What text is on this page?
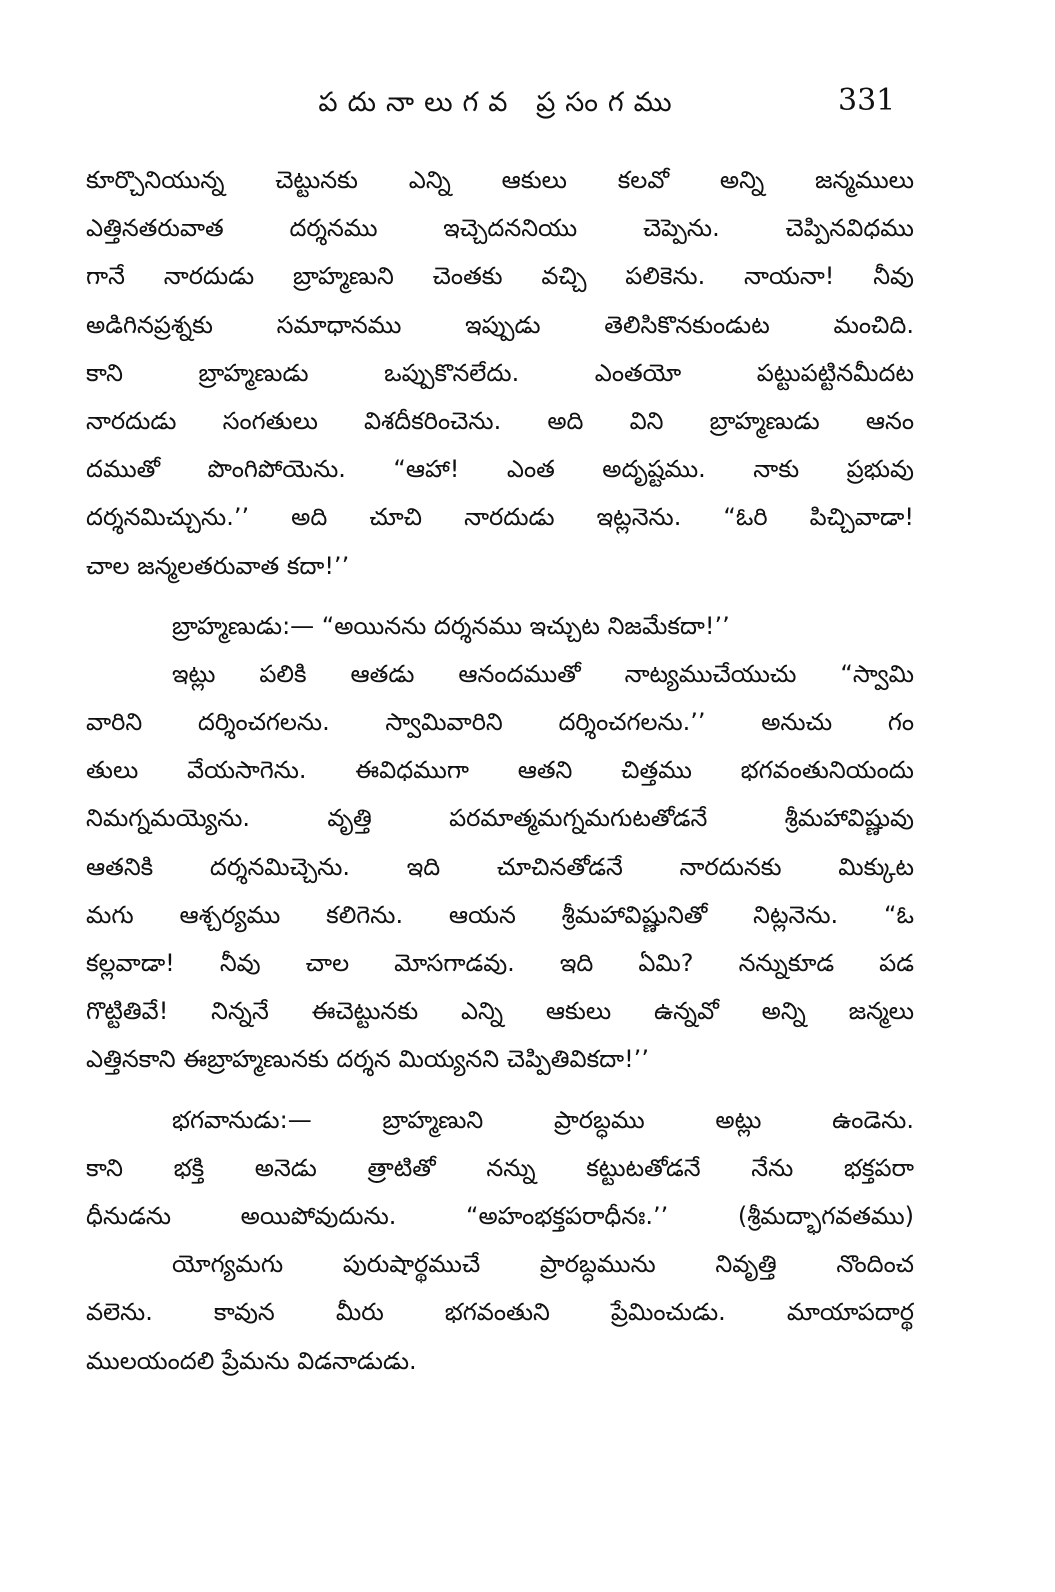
పదునాలుగవ ప్రసంగము	331
కూర్చొనియున్న చెట్టునకు ఎన్ని ఆకులు కలవో అన్ని జన్మములు
ఎత్తినతరువాత దర్శనము ఇచ్చెదననియు చెప్పెను. చెప్పినవిధము
గానే నారదుడు బ్రాహ్మణుని చెంతకు వచ్చి పలికెను. నాయనా! నీవు
అడిగినప్రశ్నకు సమాధానము ఇప్పుడు తెలిసికొనకుండుట మంచిది.
కాని బ్రాహ్మణుడు ఒప్పుకొనలేదు. ఎంతయో పట్టుపట్టినమీదట
నారదుడు సంగతులు విశదీకరించెను. అది విని బ్రాహ్మణుడు ఆనం
దముతో పొంగిపోయెను. “ఆహా! ఎంత అదృష్టము. నాకు ప్రభువు
దర్శనమిచ్చును.’’ అది చూచి నారదుడు ఇట్లనెను. “ఓరి పిచ్చివాడా!
చాల జన్మలతరువాత కదా!’’
బ్రాహ్మణుడు:— “అయినను దర్శనము ఇచ్చుట నిజమేకదా!’’
ఇట్లు పలికి ఆతడు ఆనందముతో నాట్యముచేయుచు “స్వామి
వారిని దర్శించగలను. స్వామివారిని దర్శించగలను.’’ అనుచు గం
తులు వేయసాగెను. ఈవిధముగా ఆతని చిత్తము భగవంతునియందు
నిమగ్నమయ్యెను. వృత్తి పరమాత్మమగ్నమగుటతోడనే శ్రీమహావిష్ణువు
ఆతనికి దర్శనమిచ్చెను. ఇది చూచినతోడనే నారదునకు మిక్కుట
మగు ఆశ్చర్యము కలిగెను. ఆయన శ్రీమహావిష్ణునితో నిట్లనెను. “ఓ
కల్లవాడా! నీవు చాల మోసగాడవు. ఇది ఏమి? నన్నుకూడ పడ
గొట్టితివే! నిన్ననే ఈచెట్టునకు ఎన్ని ఆకులు ఉన్నవో అన్ని జన్మలు
ఎత్తినకాని ఈబ్రాహ్మణునకు దర్శన మియ్యనని చెప్పితివికదా!’’
భగవానుడు:— బ్రాహ్మణుని ప్రారబ్ధము అట్లు ఉండెను.
కాని భక్తి అనెడు త్రాటితో నన్ను కట్టుటతోడనే నేను భక్తపరా
ధీనుడను అయిపోవుదును. “అహంభక్తపరాధీనః.’’ (శ్రీమద్భాగవతము)
యోగ్యమగు పురుషార్థముచే ప్రారబ్ధమును నివృత్తి నొందించ
వలెను. కావున మీరు భగవంతుని ప్రేమించుడు. మాయాపదార్థ
ములయందలి ప్రేమను విడనాడుడు.
